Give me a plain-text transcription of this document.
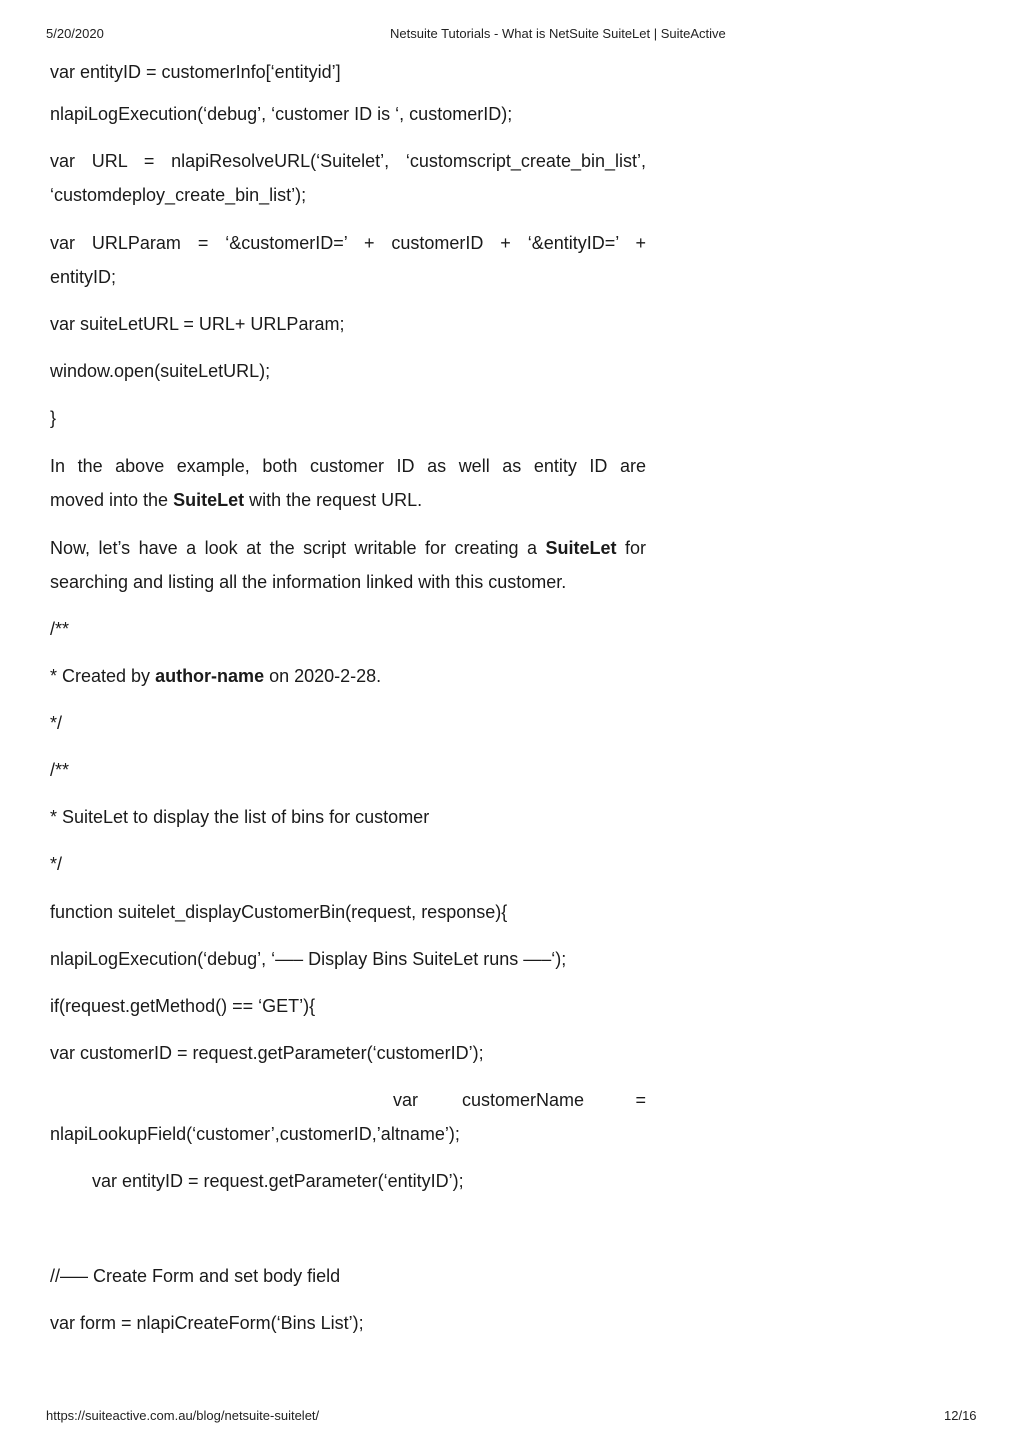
5/20/2020	Netsuite Tutorials - What is NetSuite SuiteLet | SuiteActive

var entityID = customerInfo[‘entityid’]

nlapiLogExecution(‘debug’, ‘customer ID is ‘, customerID);

var URL = nlapiResolveURL(‘Suitelet’, ‘customscript_create_bin_list’,

‘customdeploy_create_bin_list’);

var URLParam = ‘&customerID=’ + customerID + ‘&entityID=’ +

entityID;

var suiteLetURL = URL+ URLParam;

window.open(suiteLetURL);

}

In the above example, both customer ID as well as entity ID are

moved into the SuiteLet with the request URL.

Now, let’s have a look at the script writable for creating a SuiteLet for

searching and listing all the information linked with this customer.

/**

* Created by author-name on 2020-2-28.

*/

/**

* SuiteLet to display the list of bins for customer

*/

function suitelet_displayCustomerBin(request, response){

nlapiLogExecution(‘debug’, ‘—– Display Bins SuiteLet runs —–‘);

if(request.getMethod() == ‘GET’){

var customerID = request.getParameter(‘customerID’);

var customerName	=

nlapiLookupField(‘customer’,customerID,’altname’);

var entityID = request.getParameter(‘entityID’);

//—– Create Form and set body field

var form = nlapiCreateForm(‘Bins List’);

https://suiteactive.com.au/blog/netsuite-suitelet/	12/16
